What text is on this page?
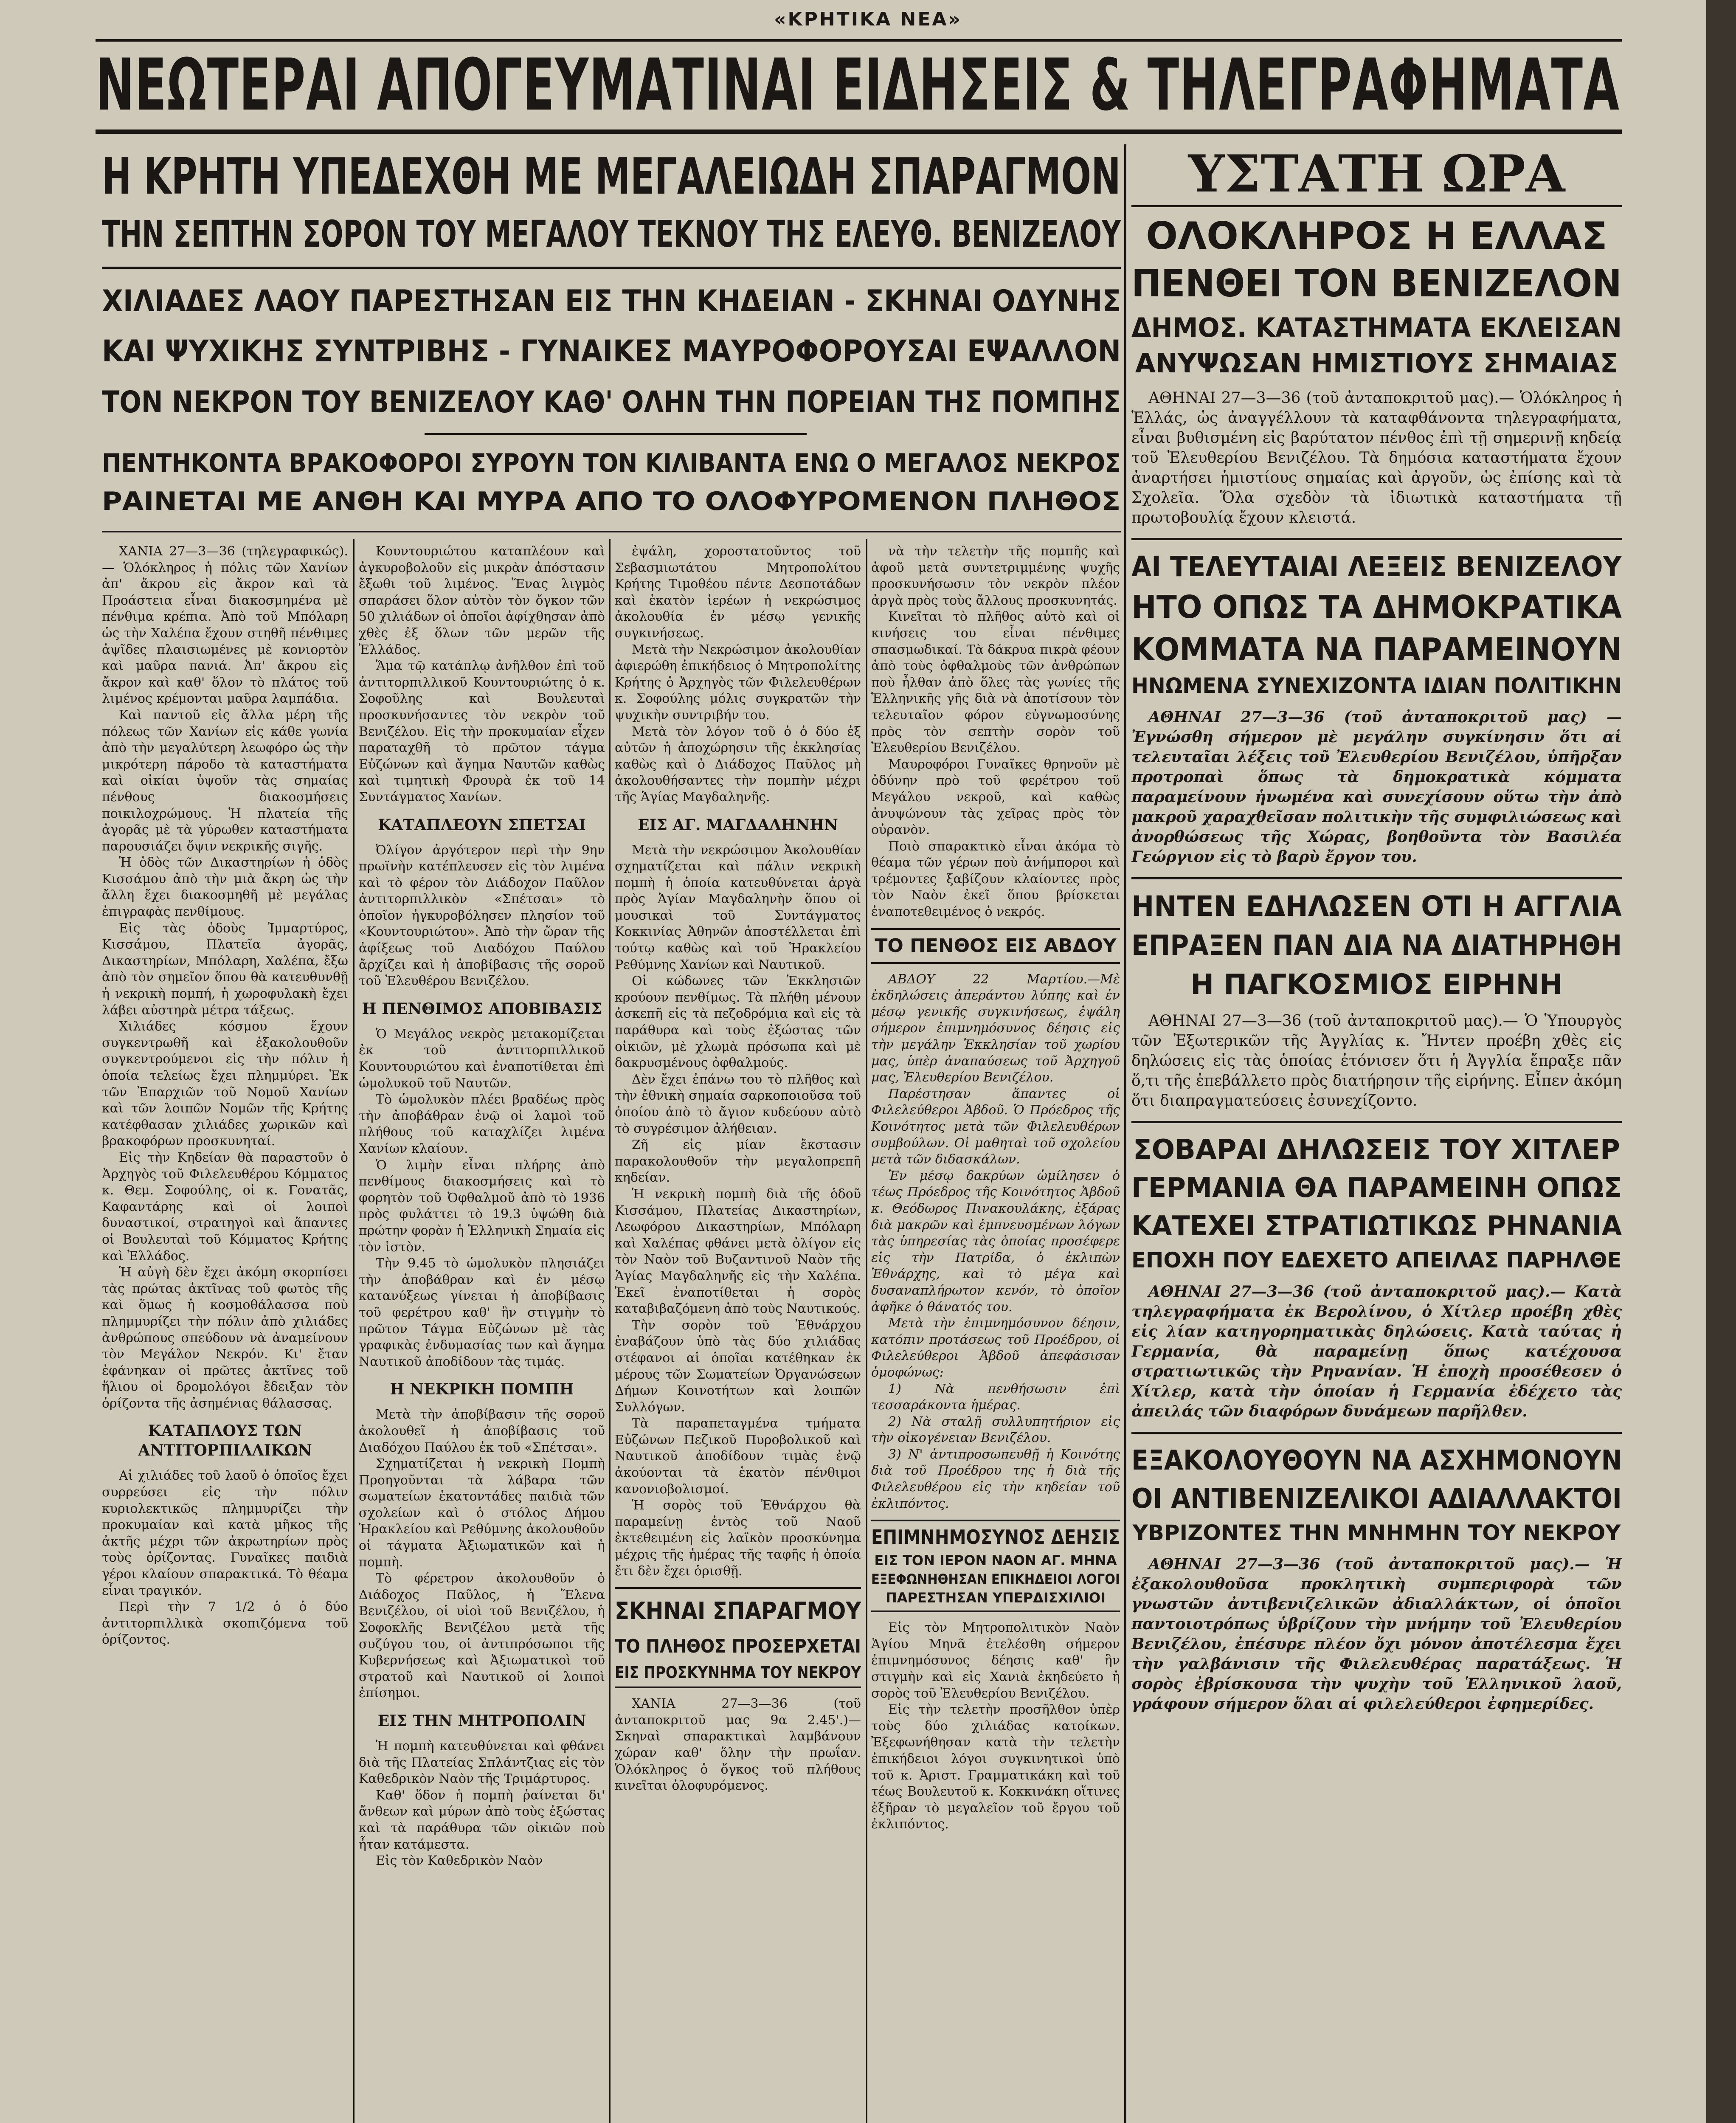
«ΚΡΗΤΙΚΑ ΝΕΑ»
ΝΕΩΤΕΡΑΙ ΑΠΟΓΕΥΜΑΤΙΝΑΙ ΕΙΔΗΣΕΙΣ & ΤΗΛΕΓΡΑΦΗΜΑΤΑ
Η ΚΡΗΤΗ ΥΠΕΔΕΧΘΗ ΜΕ ΜΕΓΑΛΕΙΩΔΗ ΣΠΑΡΑΓΜΟΝ
ΤΗΝ ΣΕΠΤΗΝ ΣΟΡΟΝ ΤΟΥ ΜΕΓΑΛΟΥ ΤΕΚΝΟΥ ΤΗΣ ΕΛΕΥΘ. ΒΕΝΙΖΕΛΟΥ
ΧΙΛΙΑΔΕΣ ΛΑΟΥ ΠΑΡΕΣΤΗΣΑΝ ΕΙΣ ΤΗΝ ΚΗΔΕΙΑΝ - ΣΚΗΝΑΙ ΟΔΥΝΗΣ
ΚΑΙ ΨΥΧΙΚΗΣ ΣΥΝΤΡΙΒΗΣ - ΓΥΝΑΙΚΕΣ ΜΑΥΡΟΦΟΡΟΥΣΑΙ ΕΨΑΛΛΟΝ
ΤΟΝ ΝΕΚΡΟΝ ΤΟΥ ΒΕΝΙΖΕΛΟΥ ΚΑΘ' ΟΛΗΝ ΤΗΝ ΠΟΡΕΙΑΝ ΤΗΣ ΠΟΜΠΗΣ
ΠΕΝΤΗΚΟΝΤΑ ΒΡΑΚΟΦΟΡΟΙ ΣΥΡΟΥΝ ΤΟΝ ΚΙΛΙΒΑΝΤΑ ΕΝΩ Ο ΜΕΓΑΛΟΣ ΝΕΚΡΟΣ
ΡΑΙΝΕΤΑΙ ΜΕ ΑΝΘΗ ΚΑΙ ΜΥΡΑ ΑΠΟ ΤΟ ΟΛΟΦΥΡΟΜΕΝΟΝ ΠΛΗΘΟΣ

ΧΑΝΙΑ 27—3—36 (τηλεγραφικώς).— Ὁλόκληρος ἡ πόλις τῶν Χανίων ἀπ' ἄκρου εἰς ἄκρον καὶ τὰ Προάστεια εἶναι διακοσμημένα μὲ πένθιμα κρέπια. Ἀπὸ τοῦ Μπόλαρη ὡς τὴν Χαλέπα ἔχουν στηθῆ πένθιμες ἁψῖδες πλαισιωμένες μὲ κονιορτὸν καὶ μαῦρα πανιά. Ἀπ' ἄκρου εἰς ἄκρον καὶ καθ' ὅλον τὸ πλάτος τοῦ λιμένος κρέμονται μαῦρα λαμπάδια.

Καὶ παντοῦ εἰς ἄλλα μέρη τῆς πόλεως τῶν Χανίων εἰς κάθε γωνία ἀπὸ τὴν μεγαλύτερη λεωφόρο ὡς τὴν μικρότερη πάροδο τὰ καταστήματα καὶ οἰκίαι ὑψοῦν τὰς σημαίας πένθους διακοσμήσεις ποικιλοχρώμους. Ἡ πλατεία τῆς ἀγορᾶς μὲ τὰ γύρωθεν καταστήματα παρουσιάζει ὄψιν νεκρικῆς σιγῆς.

Ἡ ὁδὸς τῶν Δικαστηρίων ἡ ὁδὸς Κισσάμου ἀπὸ τὴν μιὰ ἄκρη ὡς τὴν ἄλλη ἔχει διακοσμηθῆ μὲ μεγάλας ἐπιγραφὰς πενθίμους.

Εἰς τὰς ὁδοὺς Ἰμμαρτύρος, Κισσάμου, Πλατεῖα ἀγορᾶς, Δικαστηρίων, Μπόλαρη, Χαλέπα, ἔξω ἀπὸ τὸν σημεῖον ὅπου θὰ κατευθυνθῇ ἡ νεκρικὴ πομπή, ἡ χωροφυλακὴ ἔχει λάβει αὐστηρὰ μέτρα τάξεως.

Χιλιάδες κόσμου ἔχουν συγκεντρωθῆ καὶ ἐξακολουθοῦν συγκεντρούμενοι εἰς τὴν πόλιν ἡ ὁποία τελείως ἔχει πλημμύρει. Ἐκ τῶν Ἐπαρχιῶν τοῦ Νομοῦ Χανίων καὶ τῶν λοιπῶν Νομῶν τῆς Κρήτης κατέφθασαν χιλιάδες χωρικῶν καὶ βρακοφόρων προσκυνηταί.

Εἰς τὴν Κηδείαν θὰ παραστοῦν ὁ Ἀρχηγὸς τοῦ Φιλελευθέρου Κόμματος κ. Θεμ. Σοφούλης, οἱ κ. Γονατᾶς, Καφαντάρης καὶ οἱ λοιποὶ δυναστικοί, στρατηγοὶ καὶ ἅπαντες οἱ Βουλευταὶ τοῦ Κόμματος Κρήτης καὶ Ἑλλάδος.

Ἡ αὐγὴ δὲν ἔχει ἀκόμη σκορπίσει τὰς πρώτας ἀκτῖνας τοῦ φωτὸς τῆς καὶ ὅμως ἡ κοσμοθάλασσα ποὺ πλημμυρίζει τὴν πόλιν ἀπὸ χιλιάδες ἀνθρώπους σπεύδουν νὰ ἀναμείνουν τὸν Μεγάλον Νεκρόν. Κι' ἔταν ἐφάνηκαν οἱ πρῶτες ἀκτῖνες τοῦ ἥλιου οἱ δρομολόγοι ἔδειξαν τὸν ὁρίζοντα τῆς ἀσημένιας θάλασσας.

ΚΑΤΑΠΛΟΥΣ ΤΩΝ ΑΝΤΙΤΟΡΠΙΛΛΙΚΩΝ

Αἱ χιλιάδες τοῦ λαοῦ ὁ ὁποῖος ἔχει συρρεύσει εἰς τὴν πόλιν κυριολεκτικῶς πλημμυρίζει τὴν προκυμαίαν καὶ κατὰ μῆκος τῆς ἀκτῆς μέχρι τῶν ἀκρωτηρίων πρὸς τοὺς ὁρίζοντας. Γυναῖκες παιδιὰ γέροι κλαίουν σπαρακτικά. Τὸ θέαμα εἶναι τραγικόν.

Περὶ τὴν 7 1/2 ὁ ὁ δύο ἀντιτορπιλλικὰ σκοπιζόμενα τοῦ ὁρίζοντος.

Κουντουριώτου καταπλέουν καὶ ἀγκυροβολοῦν εἰς μικρὰν ἀπόστασιν ἔξωθι τοῦ λιμένος. Ἕνας λιγμὸς σπαράσει ὅλον αὐτὸν τὸν ὄγκον τῶν 50 χιλιάδων οἱ ὁποῖοι ἀφίχθησαν ἀπὸ χθὲς ἐξ ὅλων τῶν μερῶν τῆς Ἑλλάδος.

Ἅμα τῷ κατάπλῳ ἀνῆλθον ἐπὶ τοῦ ἀντιτορπιλλικοῦ Κουντουριώτης ὁ κ. Σοφοῦλης καὶ Βουλευταὶ προσκυνήσαντες τὸν νεκρὸν τοῦ Βενιζέλου. Εἰς τὴν προκυμαίαν εἶχεν παραταχθῆ τὸ πρῶτον τάγμα Εὐζώνων καὶ ἄγημα Ναυτῶν καθὼς καὶ τιμητικὴ Φρουρὰ ἐκ τοῦ 14 Συντάγματος Χανίων.

ΚΑΤΑΠΛΕΟΥΝ ΣΠΕΤΣΑΙ

Ὀλίγον ἀργότερον περὶ τὴν 9ην πρωϊνὴν κατέπλευσεν εἰς τὸν λιμένα καὶ τὸ φέρον τὸν Διάδοχον Παῦλον ἀντιτορπιλλικὸν «Σπέτσαι» τὸ ὁποῖον ἠγκυροβόλησεν πλησίον τοῦ «Κουντουριώτου». Ἀπὸ τὴν ὥραν τῆς ἀφίξεως τοῦ Διαδόχου Παύλου ἄρχίζει καὶ ἡ ἀποβίβασις τῆς σοροῦ τοῦ Ἐλευθέρου Βενιζέλου.

Η ΠΕΝΘΙΜΟΣ ΑΠΟΒΙΒΑΣΙΣ

Ὁ Μεγάλος νεκρὸς μετακομίζεται ἐκ τοῦ ἀντιτορπιλλικοῦ Κουντουριώτου καὶ ἐναποτίθεται ἐπὶ ὡμολυκοῦ τοῦ Ναυτῶν.

Τὸ ὡμολυκὸν πλέει βραδέως πρὸς τὴν ἀποβάθραν ἐνῷ οἱ λαμοὶ τοῦ πλήθους τοῦ καταχλίζει λιμένα Χανίων κλαίουν.

Ὁ λιμὴν εἶναι πλήρης ἀπὸ πενθίμους διακοσμήσεις καὶ τὸ φορητὸν τοῦ Ὀφθαλμοῦ ἀπὸ τὸ 1936 πρὸς φυλάττει τὸ 19.3 ὑψώθη διὰ πρώτην φορὰν ἡ Ἑλληνικὴ Σημαία εἰς τὸν ἱστὸν.

Τὴν 9.45 τὸ ὡμολυκὸν πλησιάζει τὴν ἀποβάθραν καὶ ἐν μέσῳ κατανύξεως γίνεται ἡ ἀποβίβασις τοῦ φερέτρου καθ' ἣν στιγμὴν τὸ πρῶτον Τάγμα Εὐζώνων μὲ τὰς γραφικὰς ἐνδυμασίας των καὶ ἄγημα Ναυτικοῦ ἀποδίδουν τὰς τιμάς.

Η ΝΕΚΡΙΚΗ ΠΟΜΠΗ

Μετὰ τὴν ἀποβίβασιν τῆς σοροῦ ἀκολουθεῖ ἡ ἀποβίβασις τοῦ Διαδόχου Παύλου ἐκ τοῦ «Σπέτσαι».

Σχηματίζεται ἡ νεκρικὴ Πομπὴ Προηγοῦνται τὰ λάβαρα τῶν σωματείων ἑκατοντάδες παιδιὰ τῶν σχολείων καὶ ὁ στόλος Δήμου Ἡρακλείου καὶ Ρεθύμνης ἀκολουθοῦν οἱ τάγματα Ἀξιωματικῶν καὶ ἡ πομπὴ.

Τὸ φέρετρον ἀκολουθοῦν ὁ Διάδοχος Παῦλος, ἡ Ἕλενα Βενιζέλου, οἱ υἱοὶ τοῦ Βενιζέλου, ἡ Σοφοκλῆς Βενιζέλου μετὰ τῆς συζύγου του, οἱ ἀντιπρόσωποι τῆς Κυβερνήσεως καὶ Ἀξιωματικοὶ τοῦ στρατοῦ καὶ Ναυτικοῦ οἱ λοιποὶ ἐπίσημοι.

ΕΙΣ ΤΗΝ ΜΗΤΡΟΠΟΛΙΝ

Ἡ πομπὴ κατευθύνεται καὶ φθάνει διὰ τῆς Πλατείας Σπλάντζιας εἰς τὸν Καθεδρικὸν Ναὸν τῆς Τριμάρτυρος.

Καθ' ὅδον ἡ πομπὴ ῥαίνεται δι' ἄνθεων καὶ μύρων ἀπὸ τοὺς ἐξώστας καὶ τὰ παράθυρα τῶν οἰκιῶν ποὺ ἦταν κατάμεστα.

Εἰς τὸν Καθεδρικὸν Ναὸν

ἐψάλη, χοροστατοῦντος τοῦ Σεβασμιωτάτου Μητροπολίτου Κρήτης Τιμοθέου πέντε Δεσποτάδων καὶ ἑκατὸν ἱερέων ἡ νεκρώσιμος ἀκολουθία ἐν μέσῳ γενικῆς συγκινήσεως.

Μετὰ τὴν Νεκρώσιμον ἀκολουθίαν ἀφιερώθη ἐπικήδειος ὁ Μητροπολίτης Κρήτης ὁ Ἀρχηγὸς τῶν Φιλελευθέρων κ. Σοφούλης μόλις συγκρατῶν τὴν ψυχικὴν συντριβήν του.

Μετὰ τὸν λόγον τοῦ ὁ ὁ δύο ἐξ αὐτῶν ἡ ἀποχώρησιν τῆς ἐκκλησίας καθὼς καὶ ὁ Διάδοχος Παῦλος μὴ ἀκολουθήσαντες τὴν πομπὴν μέχρι τῆς Ἁγίας Μαγδαληνῆς.

ΕΙΣ ΑΓ. ΜΑΓΔΑΛΗΝΗΝ

Μετὰ τὴν νεκρώσιμον Ἀκολουθίαν σχηματίζεται καὶ πάλιν νεκρικὴ πομπὴ ἡ ὁποία κατευθύνεται ἀργὰ πρὸς Ἁγίαν Μαγδαληνὴν ὅπου οἱ μουσικαὶ τοῦ Συντάγματος Κοκκινίας Ἀθηνῶν ἀποστέλλεται ἐπὶ τούτῳ καθὼς καὶ τοῦ Ἡρακλείου Ρεθύμνης Χανίων καὶ Ναυτικοῦ.

Οἱ κώδωνες τῶν Ἐκκλησιῶν κρούουν πενθίμως. Τὰ πλήθη μένουν ἀσκεπῆ εἰς τὰ πεζοδρόμια καὶ εἰς τὰ παράθυρα καὶ τοὺς ἐξώστας τῶν οἰκιῶν, μὲ χλωμὰ πρόσωπα καὶ μὲ δακρυσμένους ὀφθαλμούς.

Δὲν ἔχει ἐπάνω του τὸ πλῆθος καὶ τὴν ἐθνικὴ σημαία σαρκοποιοῦσα τοῦ ὁποίου ἀπὸ τὸ ἄγιον κυδεύουν αὐτὸ τὸ συγρέσιμον ἀλήθειαν.

Ζῆ εἰς μίαν ἔκστασιν παρακολουθοῦν τὴν μεγαλοπρεπῆ κηδείαν.

Ἡ νεκρικὴ πομπὴ διὰ τῆς ὁδοῦ Κισσάμου, Πλατείας Δικαστηρίων, Λεωφόρου Δικαστηρίων, Μπόλαρη καὶ Χαλέπας φθάνει μετὰ ὀλίγον εἰς τὸν Ναὸν τοῦ Βυζαντινοῦ Ναὸν τῆς Ἁγίας Μαγδαληνῆς εἰς τὴν Χαλέπα. Ἐκεῖ ἐναποτίθεται ἡ σορὸς καταβιβαζόμενη ἀπὸ τοὺς Ναυτικούς.

Τὴν σορὸν τοῦ Ἐθνάρχου ἐναβάζουν ὑπὸ τὰς δύο χιλιάδας στέφανοι αἱ ὁποῖαι κατέθηκαν ἐκ μέρους τῶν Σωματείων Ὀργανώσεων Δήμων Κοινοτήτων καὶ λοιπῶν Συλλόγων.

Τὰ παραπεταγμένα τμήματα Εὐζώνων Πεζικοῦ Πυροβολικοῦ καὶ Ναυτικοῦ ἀποδίδουν τιμὰς ἐνῷ ἀκούονται τὰ ἑκατὸν πένθιμοι κανονιοβολισμοί.

Ἡ σορὸς τοῦ Ἐθνάρχου θὰ παραμείνῃ ἐντὸς τοῦ Ναοῦ ἐκτεθειμένη εἰς λαϊκὸν προσκύνημα μέχρις τῆς ἡμέρας τῆς ταφῆς ἡ ὁποία ἔτι δὲν ἔχει ὁρισθῇ.

ΣΚΗΝΑΙ ΣΠΑΡΑΓΜΟΥ
ΤΟ ΠΛΗΘΟΣ ΠΡΟΣΕΡΧΕΤΑΙ
ΕΙΣ ΠΡΟΣΚΥΝΗΜΑ ΤΟΥ ΝΕΚΡΟΥ

ΧΑΝΙΑ 27—3—36 (τοῦ ἀνταποκριτοῦ μας 9α 2.45'.)— Σκηναὶ σπαρακτικαὶ λαμβάνουν χώραν καθ' ὅλην τὴν πρωΐαν. Ὁλόκληρος ὁ ὄγκος τοῦ πλήθους κινεῖται ὀλοφυρόμενος.

νὰ τὴν τελετὴν τῆς πομπῆς καὶ ἀφοῦ μετὰ συντετριμμένης ψυχῆς προσκυνήσωσιν τὸν νεκρὸν πλέον ἀργὰ πρὸς τοὺς ἄλλους προσκυνητάς.

Κινεῖται τὸ πλῆθος αὐτὸ καὶ οἱ κινήσεις του εἶναι πένθιμες σπασμωδικαί. Τὰ δάκρυα πικρὰ φέουν ἀπὸ τοὺς ὀφθαλμοὺς τῶν ἀνθρώπων ποὺ ἦλθαν ἀπὸ ὅλες τὰς γωνίες τῆς Ἑλληνικῆς γῆς διὰ νὰ ἀποτίσουν τὸν τελευταῖον φόρον εὐγνωμοσύνης πρὸς τὸν σεπτὴν σορὸν τοῦ Ἐλευθερίου Βενιζέλου.

Μαυροφόροι Γυναῖκες θρηνοῦν μὲ ὀδύνην πρὸ τοῦ φερέτρου τοῦ Μεγάλου νεκροῦ, καὶ καθὼς ἀνυψώνουν τὰς χεῖρας πρὸς τὸν οὐρανὸν.

Ποιὸ σπαρακτικὸ εἶναι ἀκόμα τὸ θέαμα τῶν γέρων ποὺ ἀνήμποροι καὶ τρέμοντες ξαβίζουν κλαίοντες πρὸς τὸν Ναὸν ἐκεῖ ὅπου βρίσκεται ἐναποτεθειμένος ὁ νεκρός.

ΤΟ ΠΕΝΘΟΣ ΕΙΣ ΑΒΔΟΥ

ΑΒΔΟΥ 22 Μαρτίου.—Μὲ ἐκδηλώσεις ἀπεράντου λύπης καὶ ἐν μέσῳ γενικῆς συγκινήσεως, ἐψάλη σήμερον ἐπιμνημόσυνος δέησις εἰς τὴν μεγάλην Ἐκκλησίαν τοῦ χωρίου μας, ὑπὲρ ἀναπαύσεως τοῦ Ἀρχηγοῦ μας, Ἐλευθερίου Βενιζέλου.

Παρέστησαν ἅπαντες οἱ Φιλελεύθεροι Ἀβδοῦ. Ὁ Πρόεδρος τῆς Κοινότητος μετὰ τῶν Φιλελευθέρων συμβούλων. Οἱ μαθηταὶ τοῦ σχολείου μετὰ τῶν διδασκάλων.

Ἐν μέσῳ δακρύων ὡμίλησεν ὁ τέως Πρόεδρος τῆς Κοινότητος Ἀβδοῦ κ. Θεόδωρος Πινακουλάκης, ἐξάρας διὰ μακρῶν καὶ ἐμπνευσμένων λόγων τὰς ὑπηρεσίας τὰς ὁποίας προσέφερε εἰς τὴν Πατρίδα, ὁ ἐκλιπὼν Ἐθνάρχης, καὶ τὸ μέγα καὶ δυσαναπλήρωτον κενόν, τὸ ὁποῖον ἀφῆκε ὁ θάνατός του.

Μετὰ τὴν ἐπιμνημόσυνον δέησιν, κατόπιν προτάσεως τοῦ Προέδρου, οἱ Φιλελεύθεροι Ἀβδοῦ ἀπεφάσισαν ὁμοφώνως:

1) Νὰ πενθήσωσιν ἐπὶ τεσσαράκοντα ἡμέρας.

2) Νὰ σταλῇ συλλυπητήριον εἰς τὴν οἰκογένειαν Βενιζέλου.

3) Ν' ἀντιπροσωπευθῇ ἡ Κοινότης διὰ τοῦ Προέδρου της ἡ διὰ τῆς Φιλελευθέρου εἰς τὴν κηδείαν τοῦ ἐκλιπόντος.

ΕΠΙΜΝΗΜΟΣΥΝΟΣ ΔΕΗΣΙΣ
ΕΙΣ ΤΟΝ ΙΕΡΟΝ ΝΑΟΝ ΑΓ. ΜΗΝΑ
ΕΞΕΦΩΝΗΘΗΣΑΝ ΕΠΙΚΗΔΕΙΟΙ ΛΟΓΟΙ
ΠΑΡΕΣΤΗΣΑΝ ΥΠΕΡΔΙΣΧΙΛΙΟΙ

Εἰς τὸν Μητροπολιτικὸν Ναὸν Ἁγίου Μηνᾶ ἐτελέσθη σήμερον ἐπιμνημόσυνος δέησις καθ' ἣν στιγμὴν καὶ εἰς Χανιὰ ἐκηδεύετο ἡ σορὸς τοῦ Ἐλευθερίου Βενιζέλου.

Εἰς τὴν τελετὴν προσῆλθον ὑπὲρ τοὺς δύο χιλιάδας κατοίκων. Ἐξεφωνήθησαν κατὰ τὴν τελετὴν ἐπικήδειοι λόγοι συγκινητικοὶ ὑπὸ τοῦ κ. Ἀριστ. Γραμματικάκη καὶ τοῦ τέως Βουλευτοῦ κ. Κοκκινάκη οἵτινες ἐξῆραν τὸ μεγαλεῖον τοῦ ἔργου τοῦ ἐκλιπόντος.

ΥΣΤΑΤΗ ΩΡΑ
ΟΛΟΚΛΗΡΟΣ Η ΕΛΛΑΣ
ΠΕΝΘΕΙ ΤΟΝ ΒΕΝΙΖΕΛΟΝ
ΔΗΜΟΣ. ΚΑΤΑΣΤΗΜΑΤΑ ΕΚΛΕΙΣΑΝ
ΑΝΥΨΩΣΑΝ ΗΜΙΣΤΙΟΥΣ ΣΗΜΑΙΑΣ

ΑΘΗΝΑΙ 27—3—36 (τοῦ ἀνταποκριτοῦ μας).— Ὁλόκληρος ἡ Ἑλλάς, ὡς ἀναγγέλλουν τὰ καταφθάνοντα τηλεγραφήματα, εἶναι βυθισμένη εἰς βαρύτατον πένθος ἐπὶ τῇ σημερινῇ κηδείᾳ τοῦ Ἐλευθερίου Βενιζέλου. Τὰ δημόσια καταστήματα ἔχουν ἀναρτήσει ἡμιστίους σημαίας καὶ ἀργοῦν, ὡς ἐπίσης καὶ τὰ Σχολεῖα. Ὅλα σχεδὸν τὰ ἰδιωτικὰ καταστήματα τῇ πρωτοβουλίᾳ ἔχουν κλειστά.

ΑΙ ΤΕΛΕΥΤΑΙΑΙ ΛΕΞΕΙΣ ΒΕΝΙΖΕΛΟΥ
ΗΤΟ ΟΠΩΣ ΤΑ ΔΗΜΟΚΡΑΤΙΚΑ
ΚΟΜΜΑΤΑ ΝΑ ΠΑΡΑΜΕΙΝΟΥΝ
ΗΝΩΜΕΝΑ ΣΥΝΕΧΙΖΟΝΤΑ ΙΔΙΑΝ ΠΟΛΙΤΙΚΗΝ

ΑΘΗΝΑΙ 27—3—36 (τοῦ ἀνταποκριτοῦ μας) — Ἐγνώσθη σήμερον μὲ μεγάλην συγκίνησιν ὅτι αἱ τελευταῖαι λέξεις τοῦ Ἐλευθερίου Βενιζέλου, ὑπῆρξαν προτροπαὶ ὅπως τὰ δημοκρατικὰ κόμματα παραμείνουν ἡνωμένα καὶ συνεχίσουν οὕτω τὴν ἀπὸ μακροῦ χαραχθεῖσαν πολιτικὴν τῆς συμφιλιώσεως καὶ ἀνορθώσεως τῆς Χώρας, βοηθοῦντα τὸν Βασιλέα Γεώργιον εἰς τὸ βαρὺ ἔργον του.

ΗΝΤΕΝ ΕΔΗΛΩΣΕΝ ΟΤΙ Η ΑΓΓΛΙΑ
ΕΠΡΑΞΕΝ ΠΑΝ ΔΙΑ ΝΑ ΔΙΑΤΗΡΗΘΗ
Η ΠΑΓΚΟΣΜΙΟΣ ΕΙΡΗΝΗ

ΑΘΗΝΑΙ 27—3—36 (τοῦ ἀνταποκριτοῦ μας).— Ὁ Ὑπουργὸς τῶν Ἐξωτερικῶν τῆς Ἀγγλίας κ. Ἤντεν προέβη χθὲς εἰς δηλώσεις εἰς τὰς ὁποίας ἐτόνισεν ὅτι ἡ Ἀγγλία ἔπραξε πᾶν ὅ,τι τῆς ἐπεβάλλετο πρὸς διατήρησιν τῆς εἰρήνης. Εἶπεν ἀκόμη ὅτι διαπραγματεύσεις ἐσυνεχίζοντο.

ΣΟΒΑΡΑΙ ΔΗΛΩΣΕΙΣ ΤΟΥ ΧΙΤΛΕΡ
ΓΕΡΜΑΝΙΑ ΘΑ ΠΑΡΑΜΕΙΝΗ ΟΠΩΣ
ΚΑΤΕΧΕΙ ΣΤΡΑΤΙΩΤΙΚΩΣ ΡΗΝΑΝΙΑ
ΕΠΟΧΗ ΠΟΥ ΕΔΕΧΕΤΟ ΑΠΕΙΛΑΣ ΠΑΡΗΛΘΕ

ΑΘΗΝΑΙ 27—3—36 (τοῦ ἀνταποκριτοῦ μας).— Κατὰ τηλεγραφήματα ἐκ Βερολίνου, ὁ Χίτλερ προέβη χθὲς εἰς λίαν κατηγορηματικὰς δηλώσεις. Κατὰ ταύτας ἡ Γερμανία, θὰ παραμείνῃ ὅπως κατέχουσα στρατιωτικῶς τὴν Ρηνανίαν. Ἡ ἐποχὴ προσέθεσεν ὁ Χίτλερ, κατὰ τὴν ὁποίαν ἡ Γερμανία ἐδέχετο τὰς ἀπειλάς τῶν διαφόρων δυνάμεων παρῆλθεν.

ΕΞΑΚΟΛΟΥΘΟΥΝ ΝΑ ΑΣΧΗΜΟΝΟΥΝ
ΟΙ ΑΝΤΙΒΕΝΙΖΕΛΙΚΟΙ ΑΔΙΑΛΛΑΚΤΟΙ
ΥΒΡΙΖΟΝΤΕΣ ΤΗΝ ΜΝΗΜΗΝ ΤΟΥ ΝΕΚΡΟΥ

ΑΘΗΝΑΙ 27—3—36 (τοῦ ἀνταποκριτοῦ μας).— Ἡ ἐξακολουθοῦσα προκλητικὴ συμπεριφορὰ τῶν γνωστῶν ἀντιβενιζελικῶν ἀδιαλλάκτων, οἱ ὁποῖοι παντοιοτρόπως ὑβρίζουν τὴν μνήμην τοῦ Ἐλευθερίου Βενιζέλου, ἐπέσυρε πλέον ὄχι μόνον ἀποτέλεσμα ἔχει τὴν γαλβάνισιν τῆς Φιλελευθέρας παρατάξεως. Ἡ σορὸς ἐβρίσκουσα τὴν ψυχὴν τοῦ Ἑλληνικοῦ λαοῦ, γράφουν σήμερον ὅλαι αἱ φιλελεύθεροι ἐφημερίδες.
